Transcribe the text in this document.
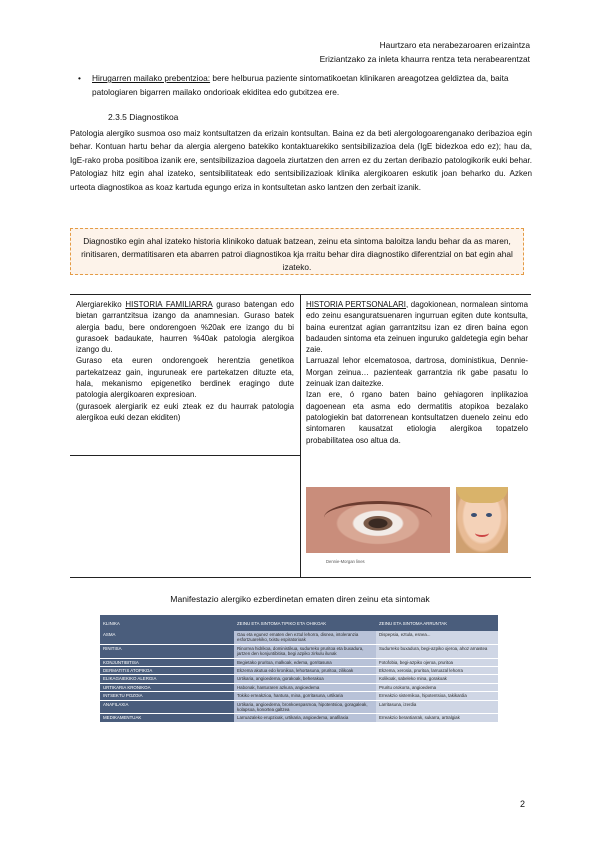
Haurtzaro eta nerabezaroaren erizaintza
Eriziantzako za inleta khaurra rentza teta nerabearentzat
• Hirugarren mailako prebentzioa: bere helburua paziente sintomatikoetan klinikaren areagotzea geldiztea da, baita patologiaren bigarren mailako ondorioak ekiditea edo gutxitzea ere.
2.3.5 Diagnostikoa
Patologia alergiko susmoa oso maiz kontsultatzen da erizain kontsultan. Baina ez da beti alergologoarenganako deribazioa egin behar. Kontuan hartu behar da alergia alergeno batekiko kontaktuarekiko sentsibilizazioa dela (IgE bidezkoa edo ez); hau da, IgE-rako proba positiboa izanik ere, sentsibilizazioa dagoela ziurtatzen den arren ez du zertan deribazio patologikorik euki behar. Patologiaz hitz egin ahal izateko, sentsibilitateak edo sentsibilizazioak klinika alergikoaren eskutik joan beharko du. Azken urteota diagnostikoa as koaz kartuda egungo eriza in kontsultetan asko lantzen den zerbait izanik.
Diagnostiko egin ahal izateko historia klinikoko datuak batzean, zeinu eta sintoma baloitza landu behar da as maren, rinitisaren, dermatitisaren eta abarren patroi diagnostikoa kja rraitu behar dira diagnostiko diferentzial on bat egin ahal izateko.

Alergiarekiko HISTORIA FAMILIARRA guraso batengan edo bietan garrantzitsua izango da anamnesian. Guraso batek alergia badu, bere ondorengoen %20ak ere izango du bi gurasoek badaukate, haurren %40ak patologia alergikoa izango du.

Guraso eta euren ondorengoek herentzia genetikoa partekatzeaz gain, inguruneak ere partekatzen dituzte eta, hala, mekanismo epigenetiko berdinek eragingo dute patologia alergikoaren expresioan.

(gurasoek alergiarik ez euki zteak ez du haurrak patologia alergikoa euki dezan ekiditen)

HISTORIA PERTSONALARI, dagokionean, normalean sintoma edo zeinu esanguratsuenaren ingurruan egiten dute kontsulta, baina eurentzat agian garrantzitsu izan ez diren baina egon badauden sintoma eta zeinuen inguruko galdetegia egin behar zaie.

Larruazal lehor elcematosoa, dartrosa, doministikua, Dennie-Morgan zeinua… pazienteak garrantzia rik gabe pasatu lo zeinuak izan daitezke.

Izan ere, ó rgano baten baino gehiagoren inplikazioa dagoenean eta asma edo dermatitis atopikoa bezalako patologiekin bat datorrenean kontsultatzen duenelo zeinu edo sintomaren kausatzat etiologia alergikoa topatzelo probabilitatea oso altua da.

Dennie-Morgan lines
Manifestazio alergiko ezberdinetan ematen diren zeinu eta sintomak
KLINIKA	ZEINU ETA SINTOMA TIPIKO ETA OHIKOAK	ZEINU ETA SINTOMA ARRUNTAK
ASMA	Gau eta egunez ematen den eztul lehorra, disnea, intoleranzia esfortzuarekiko, txistu espiratorioak	Dispepsia, eztula, esnea...
RINITISA	Rinorrea hidrikoa, doministikua, sudurreko pruritoa eta buxadura, jartzen den konjuntibitisa, begi azpiko zirkulu ilunak	Sudurreko buxadura, begi-azpiko ojeroa, ahoz arnastea
KONJUNTIBITISA	Begietako pruritoa, malkoak, edema, gorritasuna	Fotofobia, begi-azpiko ojeroa, pruritoa
DERMATITIS ATOPIKOA	Ekzema akutua edo kronikoa, lehortasuna, pruritoa, zilikoak	Ekzema, xerosia, pruritoa, larruazal lehorra
ELIKAGAIEKIKO ALERGIA	Urtikaria, angioedema, gorakoak, beherakoa	Kolikoak, sabeleko mina, gorakoak
URTIKARIA KRONIKOA	Habonak, hanturaren azkura, angioedema	Pruritu orokorra, angioedema
INTSEKTU POZOIA	Tokiko erreakzioa, hantura, mina, gorritasuna, urtikaria	Erreakzio sistemikoa, hipotentsioa, takikardia
ANAFILAXIA	Urtikaria, angioedema, bronkoespasmoa, hipotentsioa, goragaleak, kolapsoa, konortea galtzea	Larritasuna, izerdia
MEDIKAMENTUAK	Larruazaleko erupzioak, urtikaria, angioedema, anafilaxia	Erreakzio berantiarrak, sukarra, artralgiak
2
